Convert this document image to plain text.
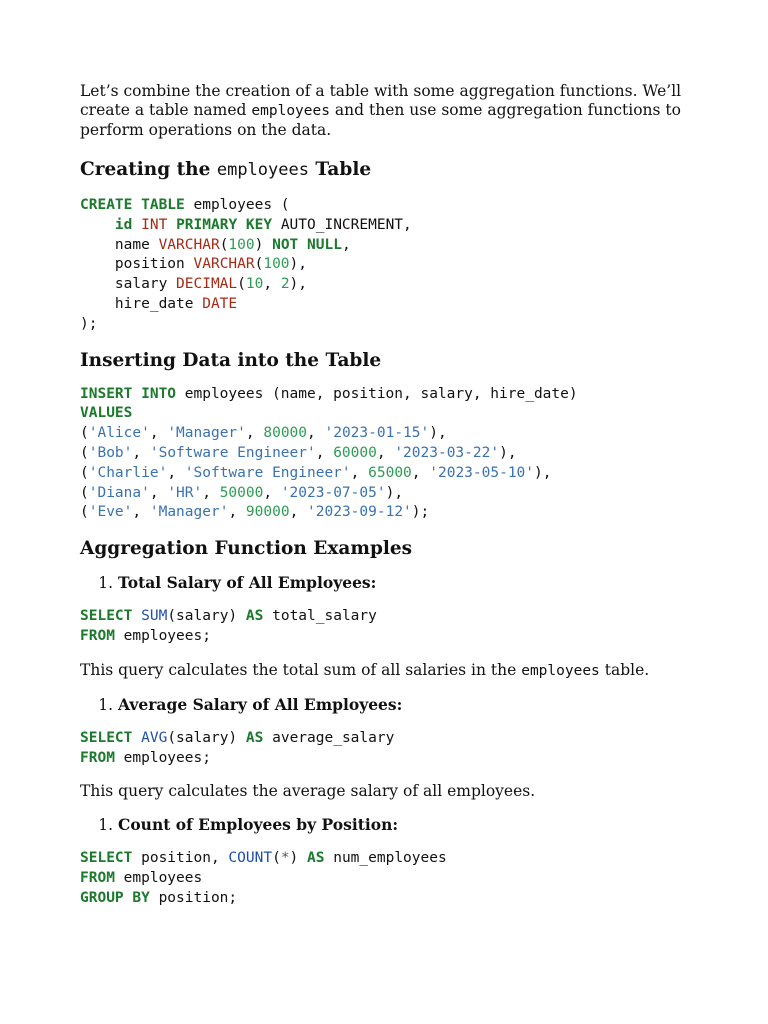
Let’s combine the creation of a table with some aggregation functions. We’ll create a table named employees and then use some aggregation functions to perform operations on the data.

Creating the employees Table
CREATE TABLE employees (
id INT PRIMARY KEY AUTO_INCREMENT,
name VARCHAR(100) NOT NULL,
position VARCHAR(100),
salary DECIMAL(10, 2),
hire_date DATE
);
Inserting Data into the Table
INSERT INTO employees (name, position, salary, hire_date)
VALUES
('Alice', 'Manager', 80000, '2023-01-15'),
('Bob', 'Software Engineer', 60000, '2023-03-22'),
('Charlie', 'Software Engineer', 65000, '2023-05-10'),
('Diana', 'HR', 50000, '2023-07-05'),
('Eve', 'Manager', 90000, '2023-09-12');
Aggregation Function Examples
1. Total Salary of All Employees:
SELECT SUM(salary) AS total_salary
FROM employees;

This query calculates the total sum of all salaries in the employees table.

1. Average Salary of All Employees:
SELECT AVG(salary) AS average_salary
FROM employees;

This query calculates the average salary of all employees.

1. Count of Employees by Position:
SELECT position, COUNT(*) AS num_employees
FROM employees
GROUP BY position;
